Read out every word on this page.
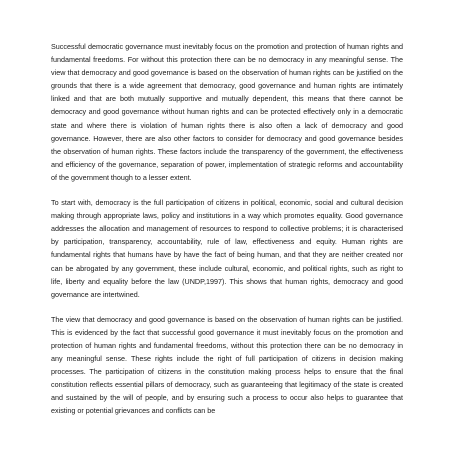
Successful democratic governance must inevitably focus on the promotion and protection of human rights and fundamental freedoms. For without this protection there can be no democracy in any meaningful sense. The view that democracy and good governance is based on the observation of human rights can be justified on the grounds that there is a wide agreement that democracy, good governance and human rights are intimately linked and that are both mutually supportive and mutually dependent, this means that there cannot be democracy and good governance without human rights and can be protected effectively only in a democratic state and where there is violation of human rights there is also often a lack of democracy and good governance. However, there are also other factors to consider for democracy and good governance besides the observation of human rights. These factors include the transparency of the government, the effectiveness and efficiency of the governance, separation of power, implementation of strategic reforms and accountability of the government though to a lesser extent.

To start with, democracy is the full participation of citizens in political, economic, social and cultural decision making through appropriate laws, policy and institutions in a way which promotes equality. Good governance addresses the allocation and management of resources to respond to collective problems; it is characterised by participation, transparency, accountability, rule of law, effectiveness and equity. Human rights are fundamental rights that humans have by have the fact of being human, and that they are neither created nor can be abrogated by any government, these include cultural, economic, and political rights, such as right to life, liberty and equality before the law (UNDP,1997). This shows that human rights, democracy and good governance are intertwined.

The view that democracy and good governance is based on the observation of human rights can be justified. This is evidenced by the fact that successful good governance it must inevitably focus on the promotion and protection of human rights and fundamental freedoms, without this protection there can be no democracy in any meaningful sense. These rights include the right of full participation of citizens in decision making processes. The participation of citizens in the constitution making process helps to ensure that the final constitution reflects essential pillars of democracy, such as guaranteeing that legitimacy of the state is created and sustained by the will of people, and by ensuring such a process to occur also helps to guarantee that existing or potential grievances and conflicts can be
